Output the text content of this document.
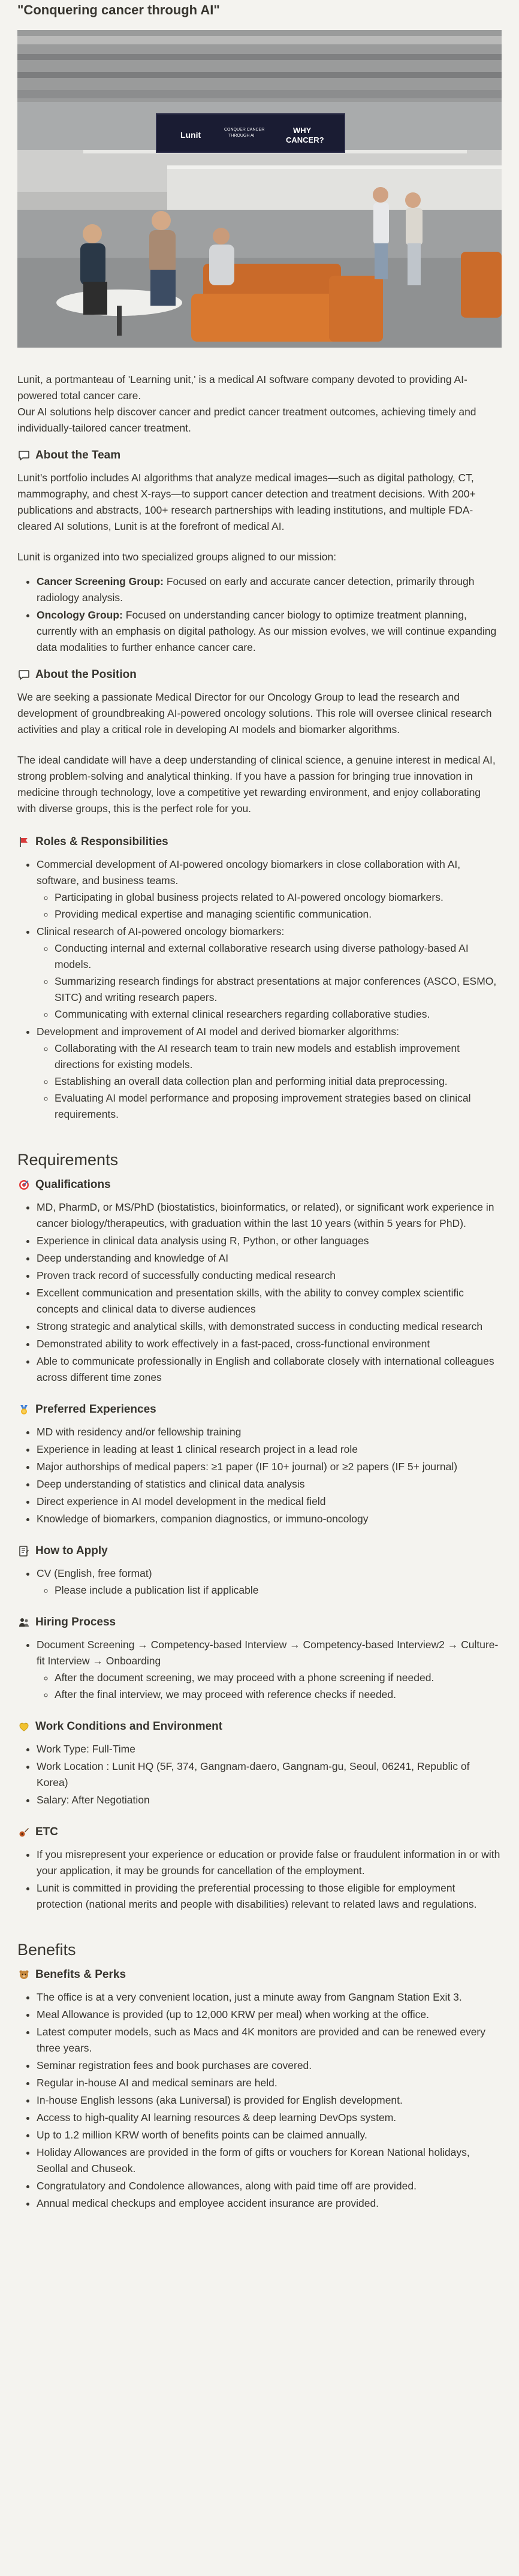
"Conquering cancer through AI"
Lunit
CONQUER CANCER
THROUGH AI
WHY
CANCER?

Lunit, a portmanteau of 'Learning unit,' is a medical AI software company devoted to providing AI-powered total cancer care.

Our AI solutions help discover cancer and predict cancer treatment outcomes, achieving timely and individually-tailored cancer treatment.

About the Team

Lunit's portfolio includes AI algorithms that analyze medical images—such as digital pathology, CT, mammography, and chest X-rays—to support cancer detection and treatment decisions. With 200+ publications and abstracts, 100+ research partnerships with leading institutions, and multiple FDA-cleared AI solutions, Lunit is at the forefront of medical AI.

Lunit is organized into two specialized groups aligned to our mission:

• Cancer Screening Group: Focused on early and accurate cancer detection, primarily through radiology analysis.
• Oncology Group: Focused on understanding cancer biology to optimize treatment planning, currently with an emphasis on digital pathology. As our mission evolves, we will continue expanding data modalities to further enhance cancer care.
About the Position

We are seeking a passionate Medical Director for our Oncology Group to lead the research and development of groundbreaking AI-powered oncology solutions. This role will oversee clinical research activities and play a critical role in developing AI models and biomarker algorithms.

The ideal candidate will have a deep understanding of clinical science, a genuine interest in medical AI, strong problem-solving and analytical thinking. If you have a passion for bringing true innovation in medicine through technology, love a competitive yet rewarding environment, and enjoy collaborating with diverse groups, this is the perfect role for you.

Roles & Responsibilities
• Commercial development of AI-powered oncology biomarkers in close collaboration with AI, software, and business teams.
◦ Participating in global business projects related to AI-powered oncology biomarkers.
◦ Providing medical expertise and managing scientific communication.
• Clinical research of AI-powered oncology biomarkers:
◦ Conducting internal and external collaborative research using diverse pathology-based AI models.
◦ Summarizing research findings for abstract presentations at major conferences (ASCO, ESMO, SITC) and writing research papers.
◦ Communicating with external clinical researchers regarding collaborative studies.
• Development and improvement of AI model and derived biomarker algorithms:
◦ Collaborating with the AI research team to train new models and establish improvement directions for existing models.
◦ Establishing an overall data collection plan and performing initial data preprocessing.
◦ Evaluating AI model performance and proposing improvement strategies based on clinical requirements.
Requirements
Qualifications
• MD, PharmD, or MS/PhD (biostatistics, bioinformatics, or related), or significant work experience in cancer biology/therapeutics, with graduation within the last 10 years (within 5 years for PhD).
• Experience in clinical data analysis using R, Python, or other languages
• Deep understanding and knowledge of AI
• Proven track record of successfully conducting medical research
• Excellent communication and presentation skills, with the ability to convey complex scientific concepts and clinical data to diverse audiences
• Strong strategic and analytical skills, with demonstrated success in conducting medical research
• Demonstrated ability to work effectively in a fast-paced, cross-functional environment
• Able to communicate professionally in English and collaborate closely with international colleagues across different time zones
Preferred Experiences
• MD with residency and/or fellowship training
• Experience in leading at least 1 clinical research project in a lead role
• Major authorships of medical papers: ≥1 paper (IF 10+ journal) or ≥2 papers (IF 5+ journal)
• Deep understanding of statistics and clinical data analysis
• Direct experience in AI model development in the medical field
• Knowledge of biomarkers, companion diagnostics, or immuno-oncology
How to Apply
• CV (English, free format)
◦ Please include a publication list if applicable
Hiring Process
• Document Screening → Competency-based Interview → Competency-based Interview2 → Culture-fit Interview → Onboarding
◦ After the document screening, we may proceed with a phone screening if needed.
◦ After the final interview, we may proceed with reference checks if needed.
Work Conditions and Environment
• Work Type: Full-Time
• Work Location : Lunit HQ (5F, 374, Gangnam-daero, Gangnam-gu, Seoul, 06241, Republic of Korea)
• Salary: After Negotiation
ETC
• If you misrepresent your experience or education or provide false or fraudulent information in or with your application, it may be grounds for cancellation of the employment.
• Lunit is committed in providing the preferential processing to those eligible for employment protection (national merits and people with disabilities) relevant to related laws and regulations.
Benefits
Benefits & Perks
• The office is at a very convenient location, just a minute away from Gangnam Station Exit 3.
• Meal Allowance is provided (up to 12,000 KRW per meal) when working at the office.
• Latest computer models, such as Macs and 4K monitors are provided and can be renewed every three years.
• Seminar registration fees and book purchases are covered.
• Regular in-house AI and medical seminars are held.
• In-house English lessons (aka Luniversal) is provided for English development.
• Access to high-quality AI learning resources & deep learning DevOps system.
• Up to 1.2 million KRW worth of benefits points can be claimed annually.
• Holiday Allowances are provided in the form of gifts or vouchers for Korean National holidays, Seollal and Chuseok.
• Congratulatory and Condolence allowances, along with paid time off are provided.
• Annual medical checkups and employee accident insurance are provided.
